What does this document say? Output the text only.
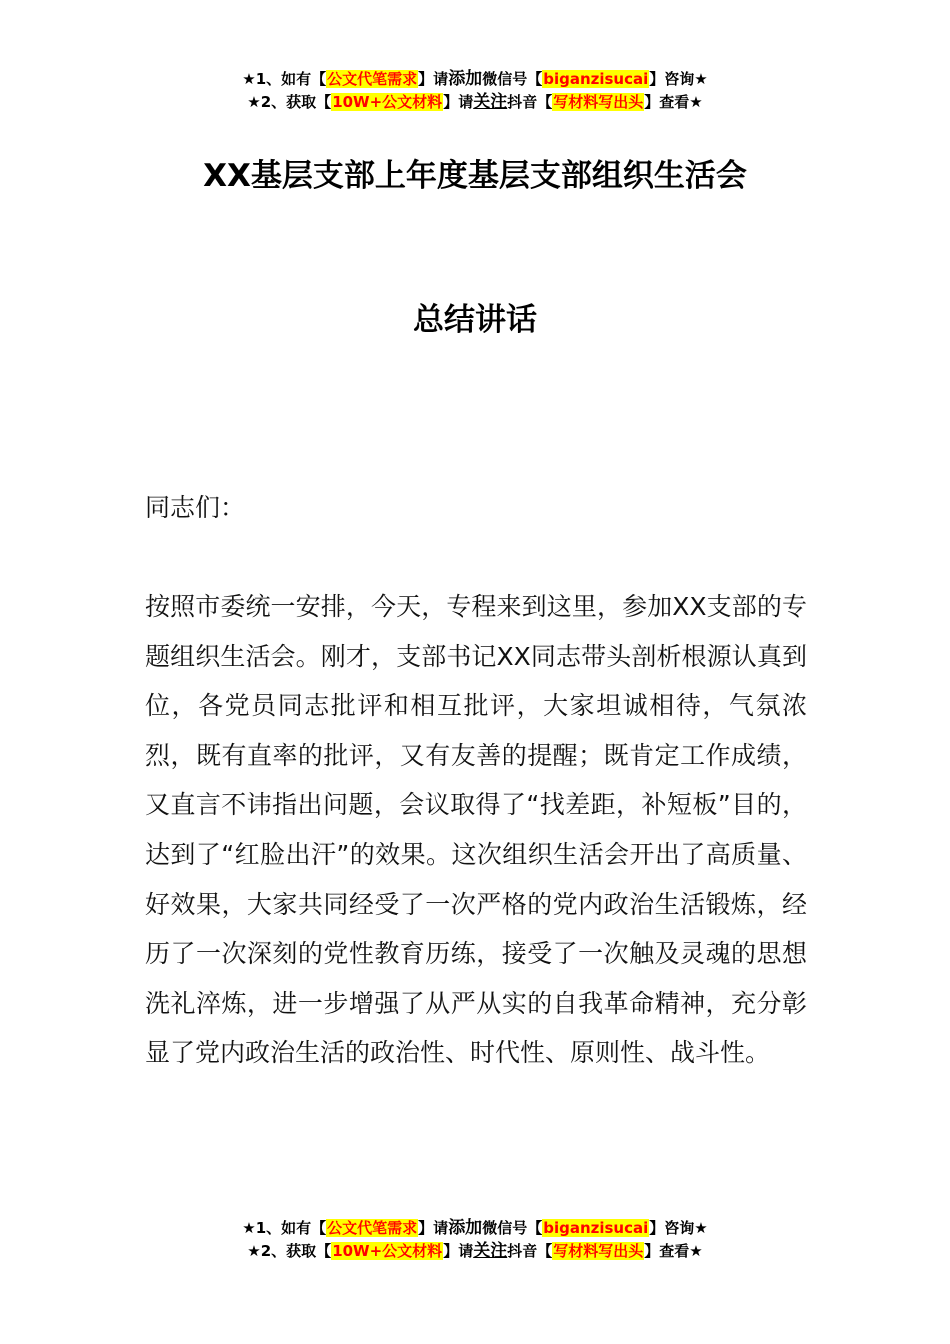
★1、如有【公文代笔需求】请添加微信号【biganzisucai】咨询★
★2、获取【10W+公文材料】请关注抖音【写材料写出头】查看★
XX基层支部上年度基层支部组织生活会
总结讲话
同志们：
按照市委统一安排，今天，专程来到这里，参加XX支部的专题组织生活会。刚才，支部书记XX同志带头剖析根源认真到位，各党员同志批评和相互批评，大家坦诚相待，气氛浓烈，既有直率的批评，又有友善的提醒；既肯定工作成绩，又直言不讳指出问题，会议取得了“找差距，补短板”目的，达到了“红脸出汗”的效果。这次组织生活会开出了高质量、好效果，大家共同经受了一次严格的党内政治生活锻炼，经历了一次深刻的党性教育历练，接受了一次触及灵魂的思想洗礼淬炼，进一步增强了从严从实的自我革命精神，充分彰显了党内政治生活的政治性、时代性、原则性、战斗性。
★1、如有【公文代笔需求】请添加微信号【biganzisucai】咨询★
★2、获取【10W+公文材料】请关注抖音【写材料写出头】查看★
